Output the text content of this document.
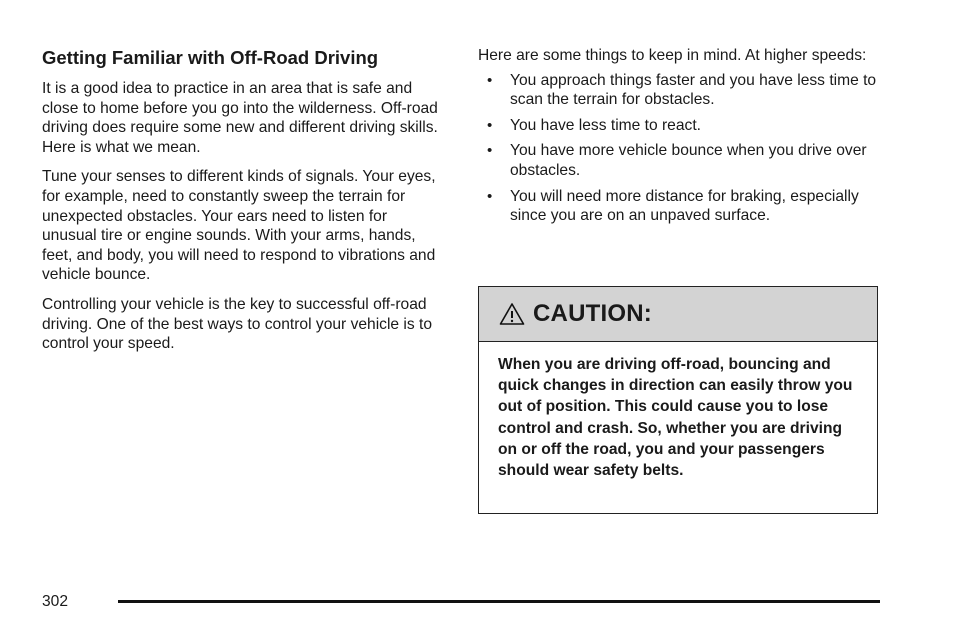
Getting Familiar with Off-Road Driving

It is a good idea to practice in an area that is safe and close to home before you go into the wilderness. Off-road driving does require some new and different driving skills. Here is what we mean.

Tune your senses to different kinds of signals. Your eyes, for example, need to constantly sweep the terrain for unexpected obstacles. Your ears need to listen for unusual tire or engine sounds. With your arms, hands, feet, and body, you will need to respond to vibrations and vehicle bounce.

Controlling your vehicle is the key to successful off-road driving. One of the best ways to control your vehicle is to control your speed.

Here are some things to keep in mind. At higher speeds:

• You approach things faster and you have less time to scan the terrain for obstacles.
• You have less time to react.
• You have more vehicle bounce when you drive over obstacles.
• You will need more distance for braking, especially since you are on an unpaved surface.
CAUTION:
When you are driving off-road, bouncing and quick changes in direction can easily throw you out of position. This could cause you to lose control and crash. So, whether you are driving on or off the road, you and your passengers should wear safety belts.
302
